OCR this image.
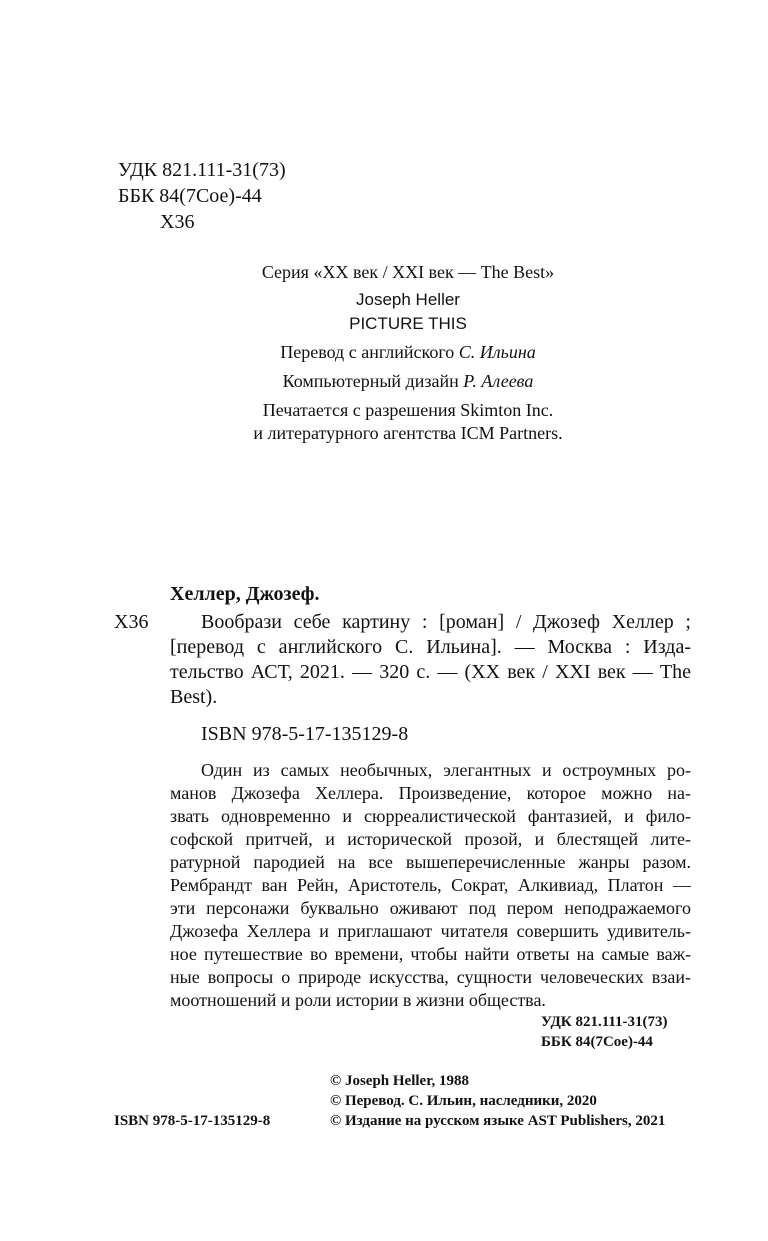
УДК 821.111-31(73)
ББК 84(7Сое)-44
Х36
Серия «XX век / XXI век — The Best»
Joseph Heller
PICTURE THIS
Перевод с английского С. Ильина
Компьютерный дизайн Р. Алеева
Печатается с разрешения Skimton Inc.
и литературного агентства ICM Partners.
Хеллер, Джозеф.
Х36	Вообрази себе картину : [роман] / Джозеф Хеллер ;
[перевод с английского С. Ильина]. — Москва : Изда-
тельство АСТ, 2021. — 320 с. — (XX век / XXI век — The
Best).
ISBN 978-5-17-135129-8
Один из самых необычных, элегантных и остроумных ро-
манов Джозефа Хеллера. Произведение, которое можно на-
звать одновременно и сюрреалистической фантазией, и фило-
софской притчей, и исторической прозой, и блестящей лите-
ратурной пародией на все вышеперечисленные жанры разом.
Рембрандт ван Рейн, Аристотель, Сократ, Алкивиад, Платон —
эти персонажи буквально оживают под пером неподражаемого
Джозефа Хеллера и приглашают читателя совершить удивитель-
ное путешествие во времени, чтобы найти ответы на самые важ-
ные вопросы о природе искусства, сущности человеческих взаи-
моотношений и роли истории в жизни общества.
УДК 821.111-31(73)
ББК 84(7Сое)-44
© Joseph Heller, 1988
© Перевод. С. Ильин, наследники, 2020
© Издание на русском языке AST Publishers, 2021
ISBN 978-5-17-135129-8
